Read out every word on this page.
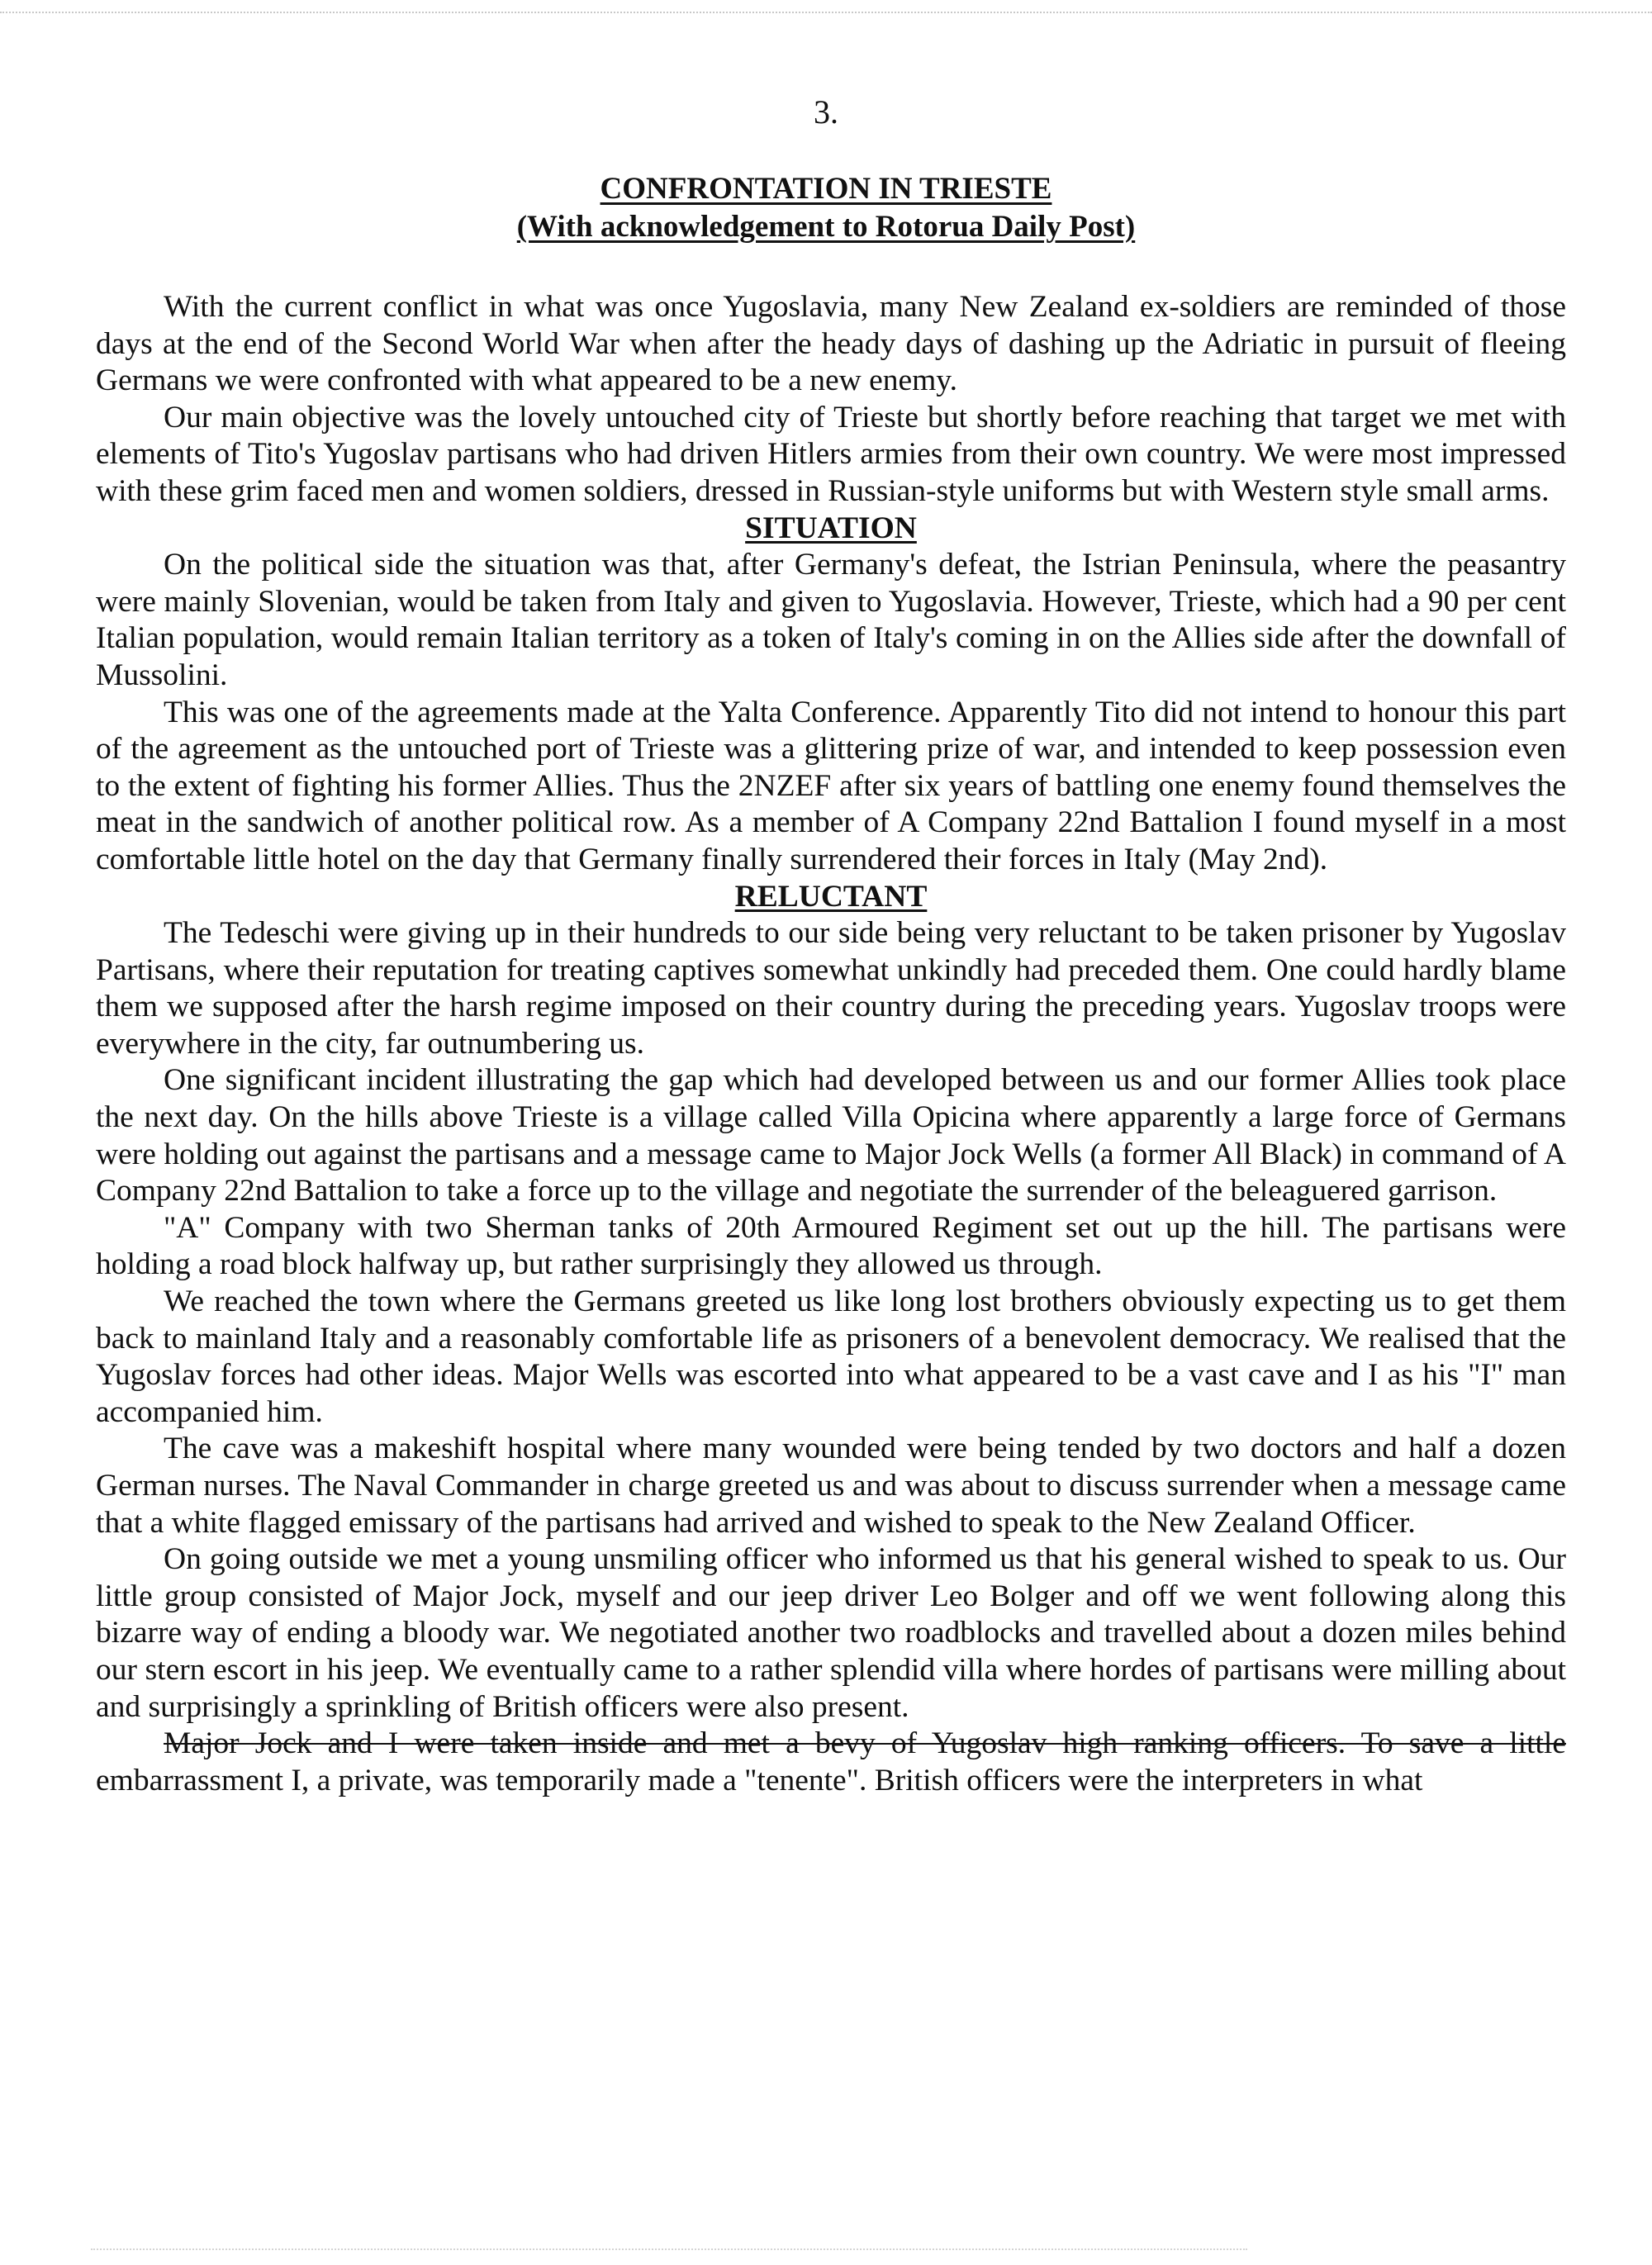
3.
CONFRONTATION IN TRIESTE
(With acknowledgement to Rotorua Daily Post)

With the current conflict in what was once Yugoslavia, many New Zealand ex-soldiers are reminded of those days at the end of the Second World War when after the heady days of dashing up the Adriatic in pursuit of fleeing Germans we were confronted with what appeared to be a new enemy.

Our main objective was the lovely untouched city of Trieste but shortly before reaching that target we met with elements of Tito's Yugoslav partisans who had driven Hitlers armies from their own country. We were most impressed with these grim faced men and women soldiers, dressed in Russian-style uniforms but with Western style small arms.

SITUATION

On the political side the situation was that, after Germany's defeat, the Istrian Peninsula, where the peasantry were mainly Slovenian, would be taken from Italy and given to Yugoslavia. However, Trieste, which had a 90 per cent Italian population, would remain Italian territory as a token of Italy's coming in on the Allies side after the downfall of Mussolini.

This was one of the agreements made at the Yalta Conference. Apparently Tito did not intend to honour this part of the agreement as the untouched port of Trieste was a glittering prize of war, and intended to keep possession even to the extent of fighting his former Allies. Thus the 2NZEF after six years of battling one enemy found themselves the meat in the sandwich of another political row. As a member of A Company 22nd Battalion I found myself in a most comfortable little hotel on the day that Germany finally surrendered their forces in Italy (May 2nd).

RELUCTANT

The Tedeschi were giving up in their hundreds to our side being very reluctant to be taken prisoner by Yugoslav Partisans, where their reputation for treating captives somewhat unkindly had preceded them. One could hardly blame them we supposed after the harsh regime imposed on their country during the preceding years. Yugoslav troops were everywhere in the city, far outnumbering us.

One significant incident illustrating the gap which had developed between us and our former Allies took place the next day. On the hills above Trieste is a village called Villa Opicina where apparently a large force of Germans were holding out against the partisans and a message came to Major Jock Wells (a former All Black) in command of A Company 22nd Battalion to take a force up to the village and negotiate the surrender of the beleaguered garrison.

"A" Company with two Sherman tanks of 20th Armoured Regiment set out up the hill. The partisans were holding a road block halfway up, but rather surprisingly they allowed us through.

We reached the town where the Germans greeted us like long lost brothers obviously expecting us to get them back to mainland Italy and a reasonably comfortable life as prisoners of a benevolent democracy. We realised that the Yugoslav forces had other ideas. Major Wells was escorted into what appeared to be a vast cave and I as his "I" man accompanied him.

The cave was a makeshift hospital where many wounded were being tended by two doctors and half a dozen German nurses. The Naval Commander in charge greeted us and was about to discuss surrender when a message came that a white flagged emissary of the partisans had arrived and wished to speak to the New Zealand Officer.

On going outside we met a young unsmiling officer who informed us that his general wished to speak to us. Our little group consisted of Major Jock, myself and our jeep driver Leo Bolger and off we went following along this bizarre way of ending a bloody war. We negotiated another two roadblocks and travelled about a dozen miles behind our stern escort in his jeep. We eventually came to a rather splendid villa where hordes of partisans were milling about and surprisingly a sprinkling of British officers were also present.

Major Jock and I were taken inside and met a bevy of Yugoslav high ranking officers. To save a little embarrassment I, a private, was temporarily made a "tenente". British officers were the interpreters in what
